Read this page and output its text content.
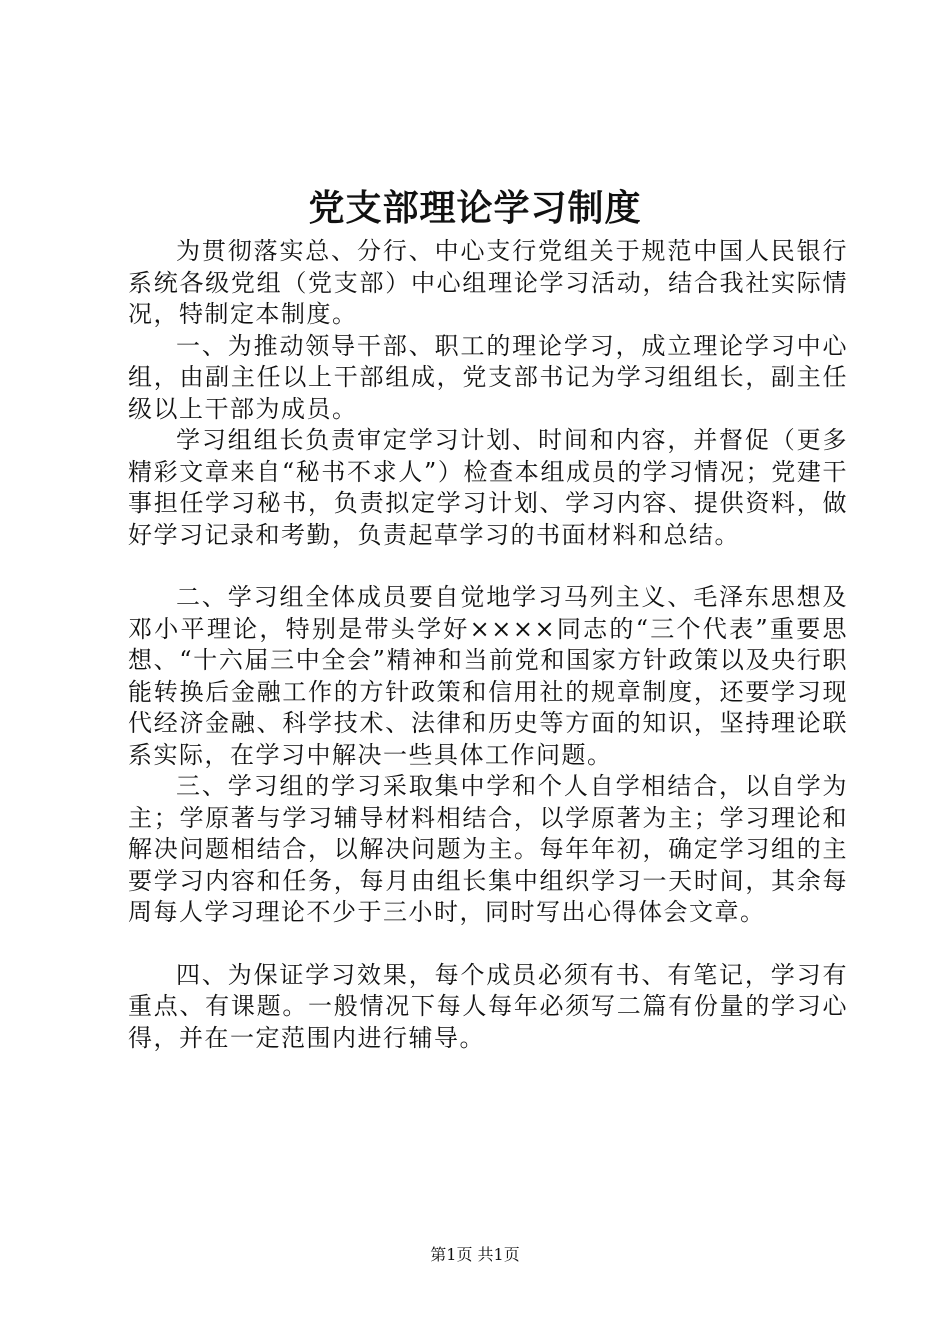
党支部理论学习制度

为贯彻落实总、分行、中心支行党组关于规范中国人民银行系统各级党组（党支部）中心组理论学习活动，结合我社实际情况，特制定本制度。

一、为推动领导干部、职工的理论学习，成立理论学习中心组，由副主任以上干部组成，党支部书记为学习组组长，副主任级以上干部为成员。

学习组组长负责审定学习计划、时间和内容，并督促（更多精彩文章来自“秘书不求人”）检查本组成员的学习情况；党建干事担任学习秘书，负责拟定学习计划、学习内容、提供资料，做好学习记录和考勤，负责起草学习的书面材料和总结。

二、学习组全体成员要自觉地学习马列主义、毛泽东思想及邓小平理论，特别是带头学好××××同志的“三个代表”重要思想、“十六届三中全会”精神和当前党和国家方针政策以及央行职能转换后金融工作的方针政策和信用社的规章制度，还要学习现代经济金融、科学技术、法律和历史等方面的知识，坚持理论联系实际，在学习中解决一些具体工作问题。

三、学习组的学习采取集中学和个人自学相结合，以自学为主；学原著与学习辅导材料相结合，以学原著为主；学习理论和解决问题相结合，以解决问题为主。每年年初，确定学习组的主要学习内容和任务，每月由组长集中组织学习一天时间，其余每周每人学习理论不少于三小时，同时写出心得体会文章。

四、为保证学习效果，每个成员必须有书、有笔记，学习有重点、有课题。一般情况下每人每年必须写二篇有份量的学习心得，并在一定范围内进行辅导。

第1页 共1页
